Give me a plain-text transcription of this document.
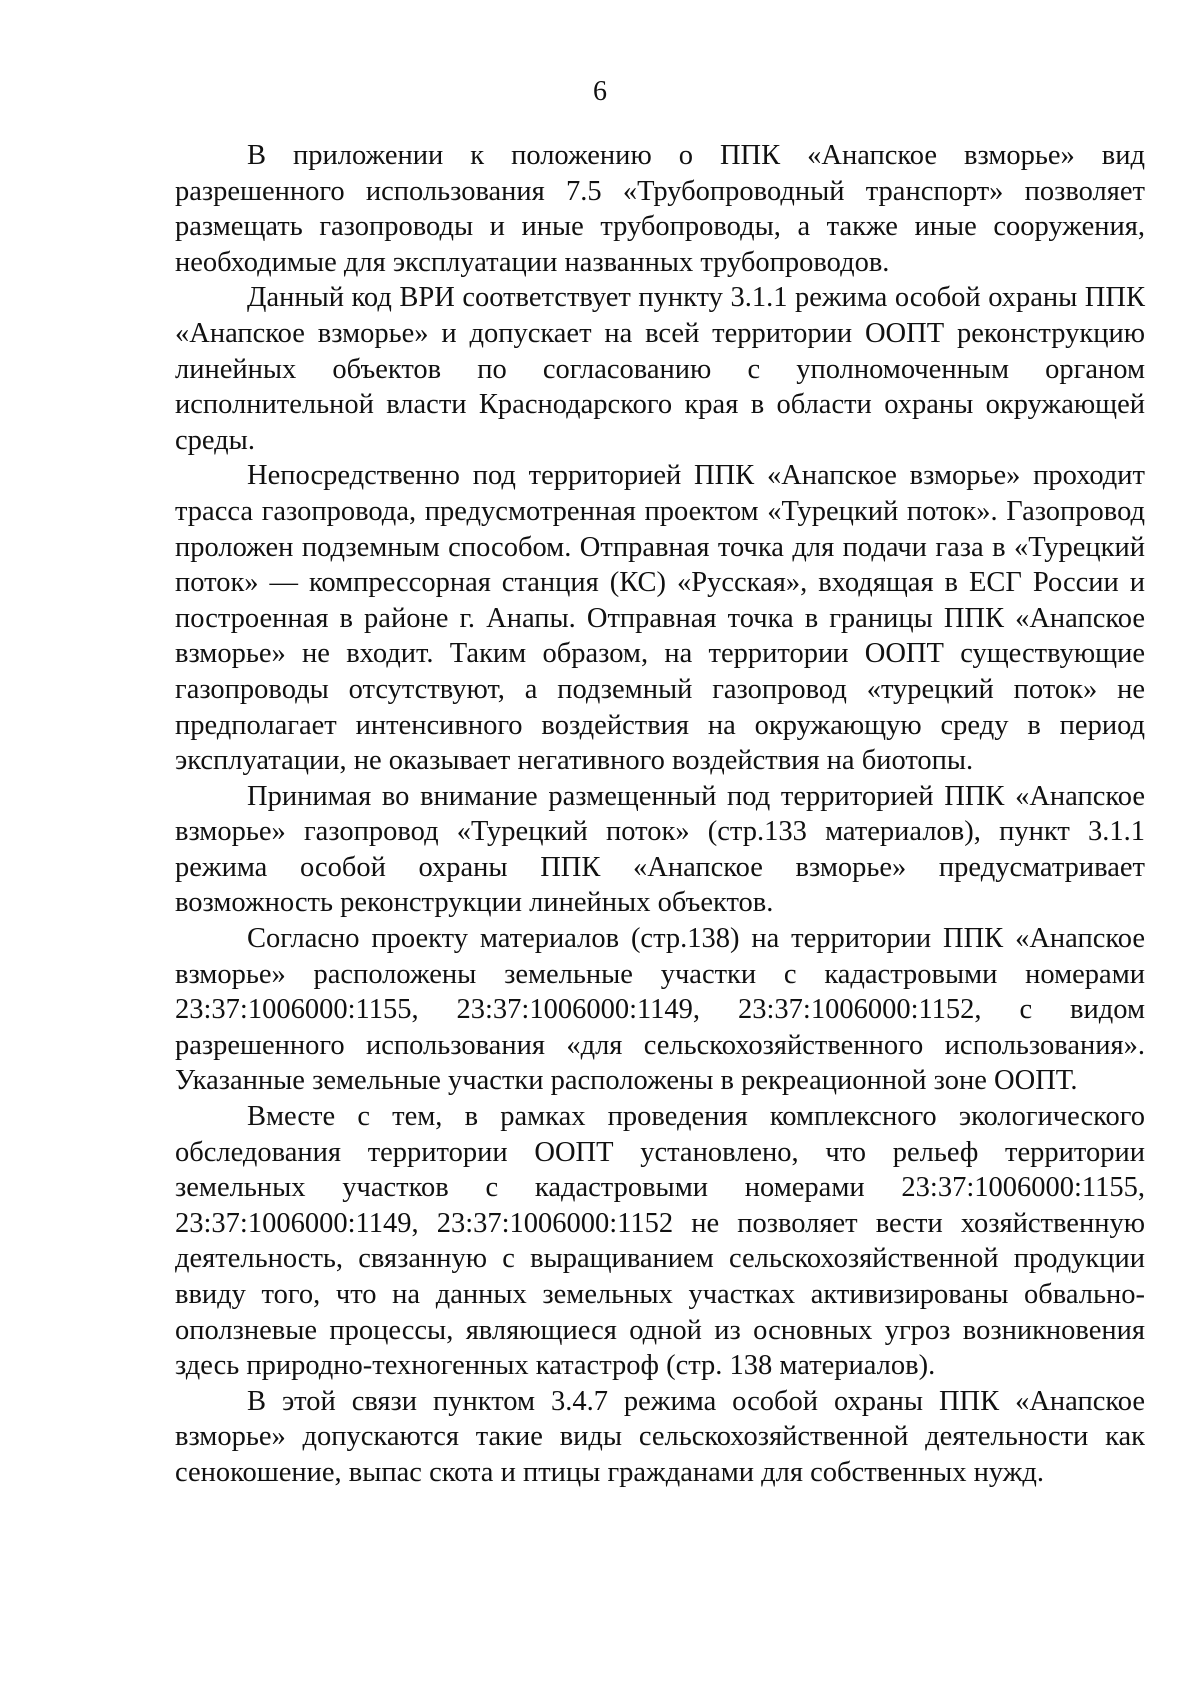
6

В приложении к положению о ППК «Анапское взморье» вид разрешенного использования 7.5 «Трубопроводный транспорт» позволяет размещать газопроводы и иные трубопроводы, а также иные сооружения, необходимые для эксплуатации названных трубопроводов.

Данный код ВРИ соответствует пункту 3.1.1 режима особой охраны ППК «Анапское взморье» и допускает на всей территории ООПТ реконструкцию линейных объектов по согласованию с уполномоченным органом исполнительной власти Краснодарского края в области охраны окружающей среды.

Непосредственно под территорией ППК «Анапское взморье» проходит трасса газопровода, предусмотренная проектом «Турецкий поток». Газопровод проложен подземным способом. Отправная точка для подачи газа в «Турецкий поток» — компрессорная станция (КС) «Русская», входящая в ЕСГ России и построенная в районе г. Анапы. Отправная точка в границы ППК «Анапское взморье» не входит. Таким образом, на территории ООПТ существующие газопроводы отсутствуют, а подземный газопровод «турецкий поток» не предполагает интенсивного воздействия на окружающую среду в период эксплуатации, не оказывает негативного воздействия на биотопы.

Принимая во внимание размещенный под территорией ППК «Анапское взморье» газопровод «Турецкий поток» (стр.133 материалов), пункт 3.1.1 режима особой охраны ППК «Анапское взморье» предусматривает возможность реконструкции линейных объектов.

Согласно проекту материалов (стр.138) на территории ППК «Анапское взморье» расположены земельные участки с кадастровыми номерами 23:37:1006000:1155, 23:37:1006000:1149, 23:37:1006000:1152, с видом разрешенного использования «для сельскохозяйственного использования». Указанные земельные участки расположены в рекреационной зоне ООПТ.

Вместе с тем, в рамках проведения комплексного экологического обследования территории ООПТ установлено, что рельеф территории земельных участков с кадастровыми номерами 23:37:1006000:1155, 23:37:1006000:1149, 23:37:1006000:1152 не позволяет вести хозяйственную деятельность, связанную с выращиванием сельскохозяйственной продукции ввиду того, что на данных земельных участках активизированы обвально-оползневые процессы, являющиеся одной из основных угроз возникновения здесь природно-техногенных катастроф (стр. 138 материалов).

В этой связи пунктом 3.4.7 режима особой охраны ППК «Анапское взморье» допускаются такие виды сельскохозяйственной деятельности как сенокошение, выпас скота и птицы гражданами для собственных нужд.
